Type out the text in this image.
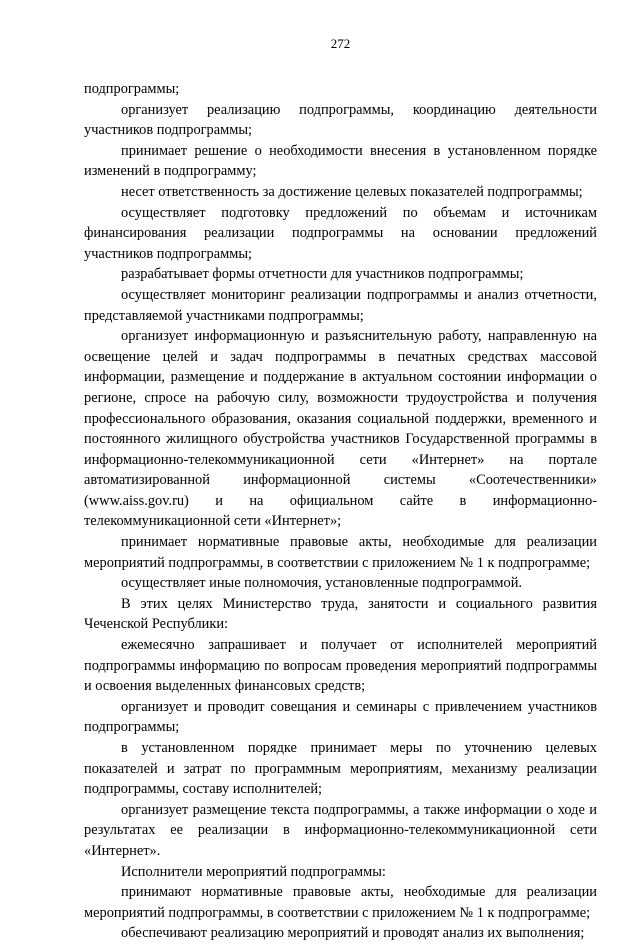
272

подпрограммы;

организует реализацию подпрограммы, координацию деятельности участников подпрограммы;

принимает решение о необходимости внесения в установленном порядке изменений в подпрограмму;

несет ответственность за достижение целевых показателей подпрограммы;

осуществляет подготовку предложений по объемам и источникам финансирования реализации подпрограммы на основании предложений участников подпрограммы;

разрабатывает формы отчетности для участников подпрограммы;

осуществляет мониторинг реализации подпрограммы и анализ отчетности, представляемой участниками подпрограммы;

организует информационную и разъяснительную работу, направленную на освещение целей и задач подпрограммы в печатных средствах массовой информации, размещение и поддержание в актуальном состоянии информации о регионе, спросе на рабочую силу, возможности трудоустройства и получения профессионального образования, оказания социальной поддержки, временного и постоянного жилищного обустройства участников Государственной программы в информационно-телекоммуникационной сети «Интернет» на портале автоматизированной информационной системы «Соотечественники» (www.aiss.gov.ru) и на официальном сайте в информационно-телекоммуникационной сети «Интернет»;

принимает нормативные правовые акты, необходимые для реализации мероприятий подпрограммы, в соответствии с приложением № 1 к подпрограмме;

осуществляет иные полномочия, установленные подпрограммой.

В этих целях Министерство труда, занятости и социального развития Чеченской Республики:

ежемесячно запрашивает и получает от исполнителей мероприятий подпрограммы информацию по вопросам проведения мероприятий подпрограммы и освоения выделенных финансовых средств;

организует и проводит совещания и семинары с привлечением участников подпрограммы;

в установленном порядке принимает меры по уточнению целевых показателей и затрат по программным мероприятиям, механизму реализации подпрограммы, составу исполнителей;

организует размещение текста подпрограммы, а также информации о ходе и результатах ее реализации в информационно-телекоммуникационной сети «Интернет».

Исполнители мероприятий подпрограммы:

принимают нормативные правовые акты, необходимые для реализации мероприятий подпрограммы, в соответствии с приложением № 1 к подпрограмме;

обеспечивают реализацию мероприятий и проводят анализ их выполнения;
